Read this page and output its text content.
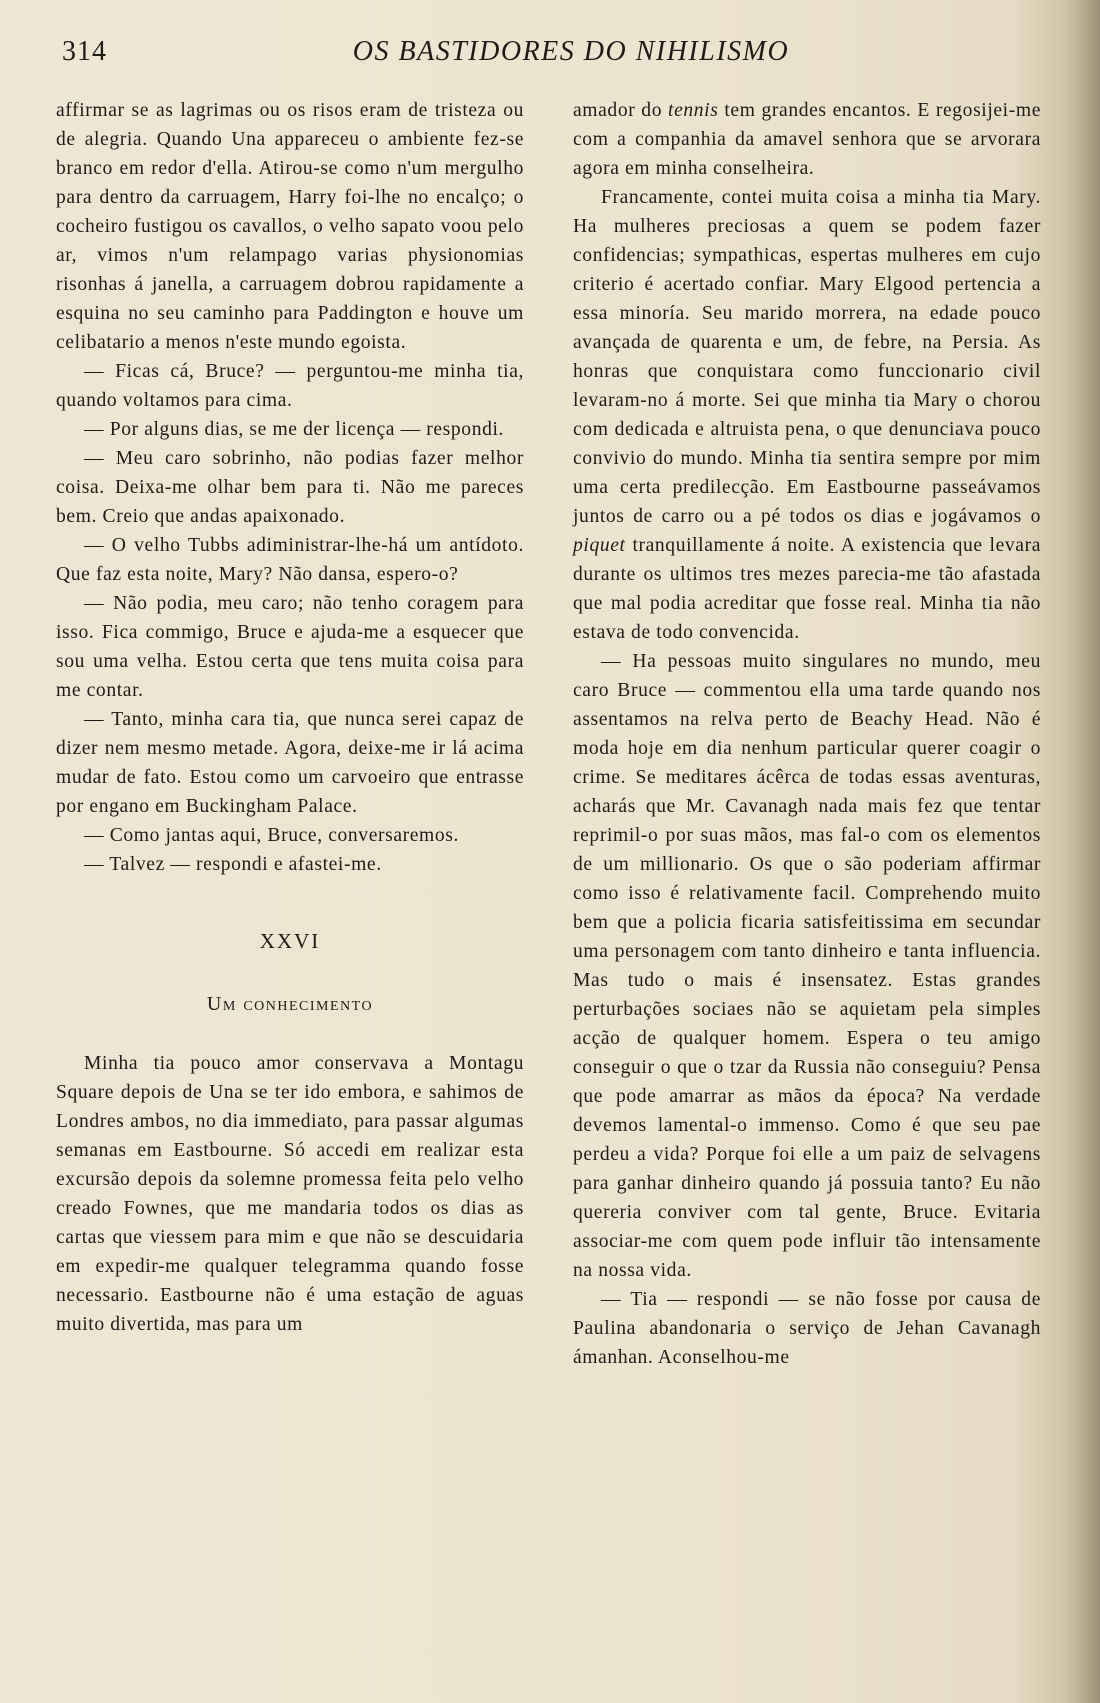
314	OS BASTIDORES DO NIHILISMO

affirmar se as lagrimas ou os risos eram de tristeza ou de alegria. Quando Una appareceu o ambiente fez-se branco em redor d'ella. Atirou-se como n'um mergulho para dentro da carruagem, Harry foi-lhe no encalço; o cocheiro fustigou os cavallos, o velho sapato voou pelo ar, vimos n'um relampago varias physionomias risonhas á janella, a carruagem dobrou rapidamente a esquina no seu caminho para Paddington e houve um celibatario a menos n'este mundo egoista.

— Ficas cá, Bruce? — perguntou-me minha tia, quando voltamos para cima.

— Por alguns dias, se me der licença — respondi.

— Meu caro sobrinho, não podias fazer melhor coisa. Deixa-me olhar bem para ti. Não me pareces bem. Creio que andas apaixonado.

— O velho Tubbs adiministrar-lhe-há um antídoto. Que faz esta noite, Mary? Não dansa, espero-o?

— Não podia, meu caro; não tenho coragem para isso. Fica commigo, Bruce e ajuda-me a esquecer que sou uma velha. Estou certa que tens muita coisa para me contar.

— Tanto, minha cara tia, que nunca serei capaz de dizer nem mesmo metade. Agora, deixe-me ir lá acima mudar de fato. Estou como um carvoeiro que entrasse por engano em Buckingham Palace.

— Como jantas aqui, Bruce, conversaremos.

— Talvez — respondi e afastei-me.

XXVI
Um conhecimento

Minha tia pouco amor conservava a Montagu Square depois de Una se ter ido embora, e sahimos de Londres ambos, no dia immediato, para passar algumas semanas em Eastbourne. Só accedi em realizar esta excursão depois da solemne promessa feita pelo velho creado Fownes, que me mandaria todos os dias as cartas que viessem para mim e que não se descuidaria em expedir-me qualquer telegramma quando fosse necessario. Eastbourne não é uma estação de aguas muito divertida, mas para um

amador do tennis tem grandes encantos. E regosijei-me com a companhia da amavel senhora que se arvorara agora em minha conselheira.

Francamente, contei muita coisa a minha tia Mary. Ha mulheres preciosas a quem se podem fazer confidencias; sympathicas, espertas mulheres em cujo criterio é acertado confiar. Mary Elgood pertencia a essa minoría. Seu marido morrera, na edade pouco avançada de quarenta e um, de febre, na Persia. As honras que conquistara como funccionario civil levaram-no á morte. Sei que minha tia Mary o chorou com dedicada e altruista pena, o que denunciava pouco convivio do mundo. Minha tia sentira sempre por mim uma certa predilecção. Em Eastbourne passeávamos juntos de carro ou a pé todos os dias e jogávamos o piquet tranquillamente á noite. A existencia que levara durante os ultimos tres mezes parecia-me tão afastada que mal podia acreditar que fosse real. Minha tia não estava de todo convencida.

— Ha pessoas muito singulares no mundo, meu caro Bruce — commentou ella uma tarde quando nos assentamos na relva perto de Beachy Head. Não é moda hoje em dia nenhum particular querer coagir o crime. Se meditares ácêrca de todas essas aventuras, acharás que Mr. Cavanagh nada mais fez que tentar reprimil-o por suas mãos, mas fal-o com os elementos de um millionario. Os que o são poderiam affirmar como isso é relativamente facil. Comprehendo muito bem que a policia ficaria satisfeitissima em secundar uma personagem com tanto dinheiro e tanta influencia. Mas tudo o mais é insensatez. Estas grandes perturbações sociaes não se aquietam pela simples acção de qualquer homem. Espera o teu amigo conseguir o que o tzar da Russia não conseguiu? Pensa que pode amarrar as mãos da época? Na verdade devemos lamental-o immenso. Como é que seu pae perdeu a vida? Porque foi elle a um paiz de selvagens para ganhar dinheiro quando já possuia tanto? Eu não quereria conviver com tal gente, Bruce. Evitaria associar-me com quem pode influir tão intensamente na nossa vida.

— Tia — respondi — se não fosse por causa de Paulina abandonaria o serviço de Jehan Cavanagh ámanhan. Aconselhou-me
